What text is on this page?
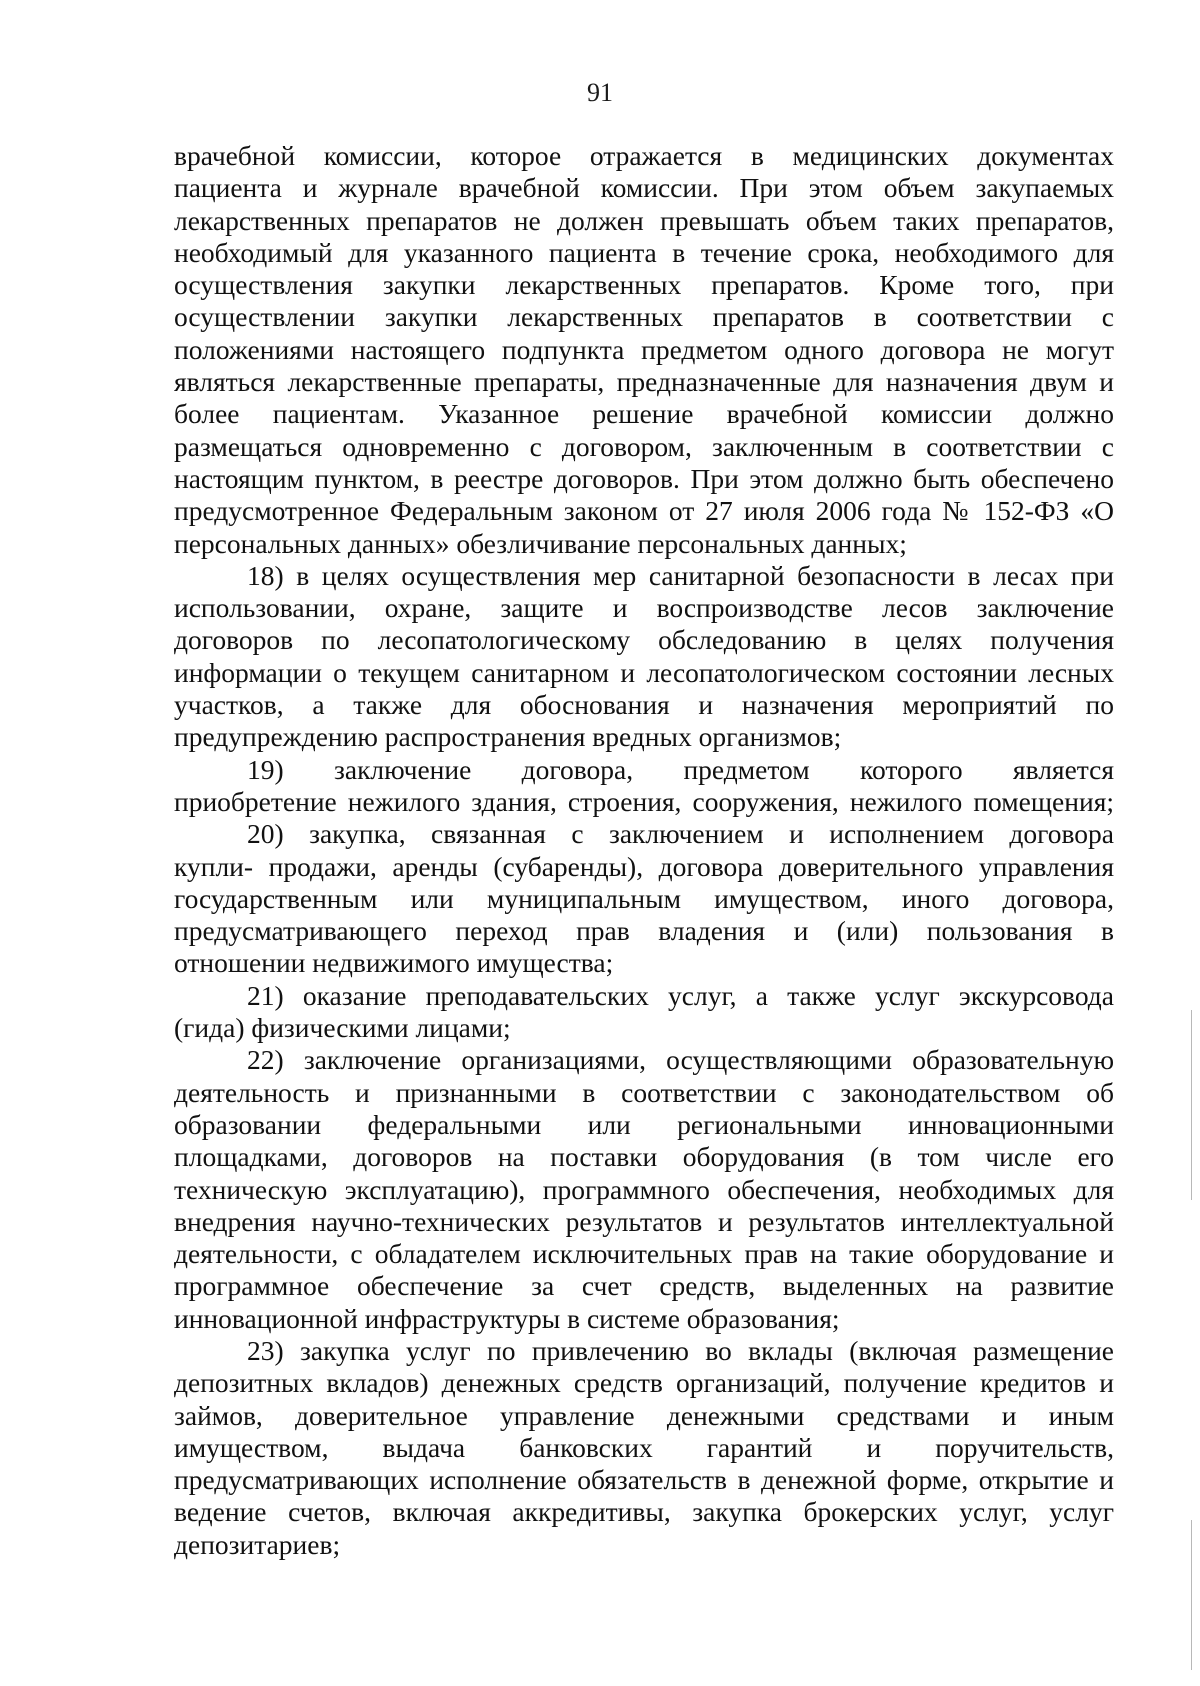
91
врачебной комиссии, которое отражается в медицинских документах
пациента и журнале врачебной комиссии. При этом объем закупаемых
лекарственных препаратов не должен превышать объем таких препаратов,
необходимый для указанного пациента в течение срока, необходимого для
осуществления закупки лекарственных препаратов. Кроме того, при
осуществлении закупки лекарственных препаратов в соответствии с
положениями настоящего подпункта предметом одного договора не могут
являться лекарственные препараты, предназначенные для назначения двум и
более пациентам. Указанное решение врачебной комиссии должно
размещаться одновременно с договором, заключенным в соответствии с
настоящим пунктом, в реестре договоров. При этом должно быть обеспечено
предусмотренное Федеральным законом от 27 июля 2006 года № 152-ФЗ «О
персональных данных» обезличивание персональных данных;
18) в целях осуществления мер санитарной безопасности в лесах при
использовании, охране, защите и воспроизводстве лесов заключение
договоров по лесопатологическому обследованию в целях получения
информации о текущем санитарном и лесопатологическом состоянии лесных
участков, а также для обоснования и назначения мероприятий по
предупреждению распространения вредных организмов;
19) заключение договора, предметом которого является
приобретение нежилого здания, строения, сооружения, нежилого помещения;
20) закупка, связанная с заключением и исполнением договора
купли- продажи, аренды (субаренды), договора доверительного управления
государственным или муниципальным имуществом, иного договора,
предусматривающего переход прав владения и (или) пользования в
отношении недвижимого имущества;
21) оказание преподавательских услуг, а также услуг экскурсовода
(гида) физическими лицами;
22) заключение организациями, осуществляющими образовательную
деятельность и признанными в соответствии с законодательством об
образовании федеральными или региональными инновационными
площадками, договоров на поставки оборудования (в том числе его
техническую эксплуатацию), программного обеспечения, необходимых для
внедрения научно-технических результатов и результатов интеллектуальной
деятельности, с обладателем исключительных прав на такие оборудование и
программное обеспечение за счет средств, выделенных на развитие
инновационной инфраструктуры в системе образования;
23) закупка услуг по привлечению во вклады (включая размещение
депозитных вкладов) денежных средств организаций, получение кредитов и
займов, доверительное управление денежными средствами и иным
имуществом, выдача банковских гарантий и поручительств,
предусматривающих исполнение обязательств в денежной форме, открытие и
ведение счетов, включая аккредитивы, закупка брокерских услуг, услуг
депозитариев;
